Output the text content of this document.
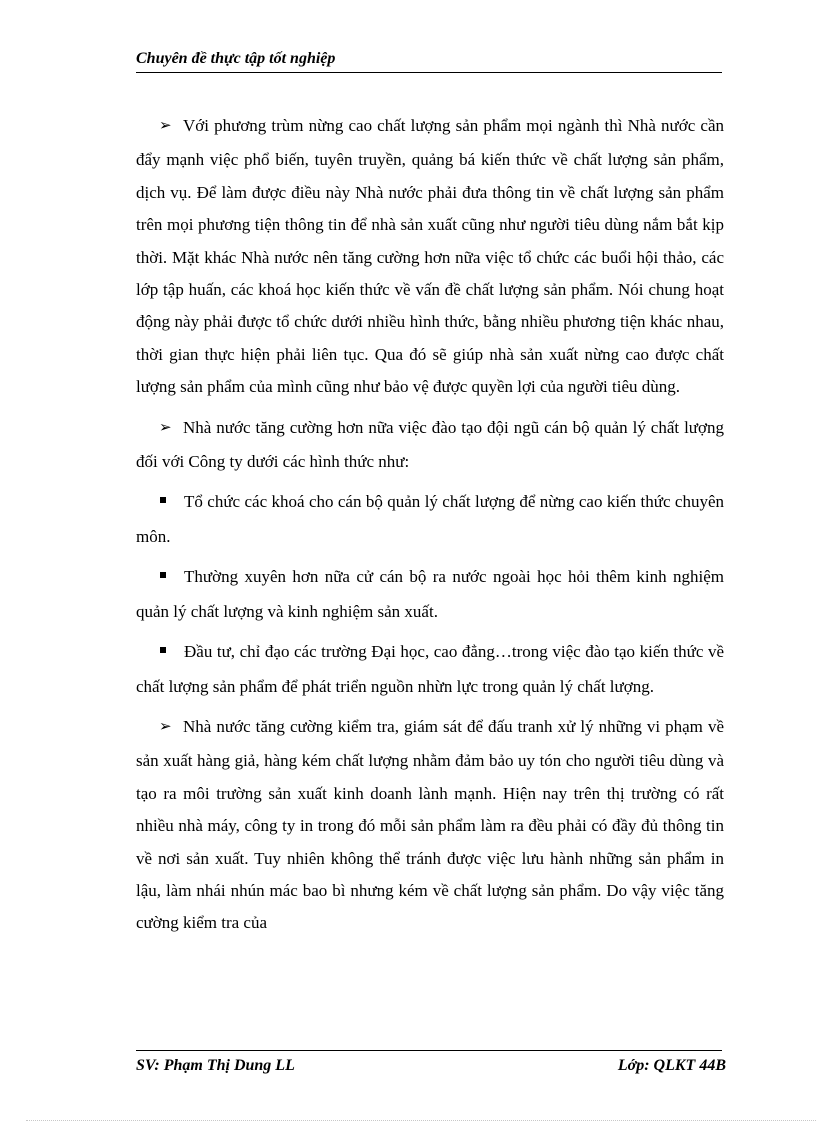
Chuyên đề thực tập tốt nghiệp

➢ Với phương trùm nừng cao chất lượng sản phẩm mọi ngành thì Nhà nước cần đẩy mạnh việc phổ biến, tuyên truyền, quảng bá kiến thức về chất lượng sản phẩm, dịch vụ. Để làm được điều này Nhà nước phải đưa thông tin về chất lượng sản phẩm trên mọi phương tiện thông tin để nhà sản xuất cũng như người tiêu dùng nắm bắt kịp thời. Mặt khác Nhà nước nên tăng cường hơn nữa việc tổ chức các buổi hội thảo, các lớp tập huấn, các khoá học kiến thức về vấn đề chất lượng sản phẩm. Nói chung hoạt động này phải được tổ chức dưới nhiều hình thức, bằng nhiều phương tiện khác nhau, thời gian thực hiện phải liên tục. Qua đó sẽ giúp nhà sản xuất nừng cao được chất lượng sản phẩm của mình cũng như bảo vệ được quyền lợi của người tiêu dùng.

➢ Nhà nước tăng cường hơn nữa việc đào tạo đội ngũ cán bộ quản lý chất lượng đối với Công ty dưới các hình thức như:

Tổ chức các khoá cho cán bộ quản lý chất lượng để nừng cao kiến thức chuyên môn.

Thường xuyên hơn nữa cử cán bộ ra nước ngoài học hỏi thêm kinh nghiệm quản lý chất lượng và kinh nghiệm sản xuất.

Đầu tư, chỉ đạo các trường Đại học, cao đẳng…trong việc đào tạo kiến thức về chất lượng sản phẩm để phát triển nguồn nhừn lực trong quản lý chất lượng.

➢ Nhà nước tăng cường kiểm tra, giám sát để đấu tranh xử lý những vi phạm về sản xuất hàng giả, hàng kém chất lượng nhằm đảm bảo uy tón cho người tiêu dùng và tạo ra môi trường sản xuất kinh doanh lành mạnh. Hiện nay trên thị trường có rất nhiều nhà máy, công ty in trong đó mỗi sản phẩm làm ra đều phải có đầy đủ thông tin về nơi sản xuất. Tuy nhiên không thể tránh được việc lưu hành những sản phẩm in lậu, làm nhái nhún mác bao bì nhưng kém về chất lượng sản phẩm. Do vậy việc tăng cường kiểm tra của

SV: Phạm Thị Dung LL	Lớp: QLKT 44B
